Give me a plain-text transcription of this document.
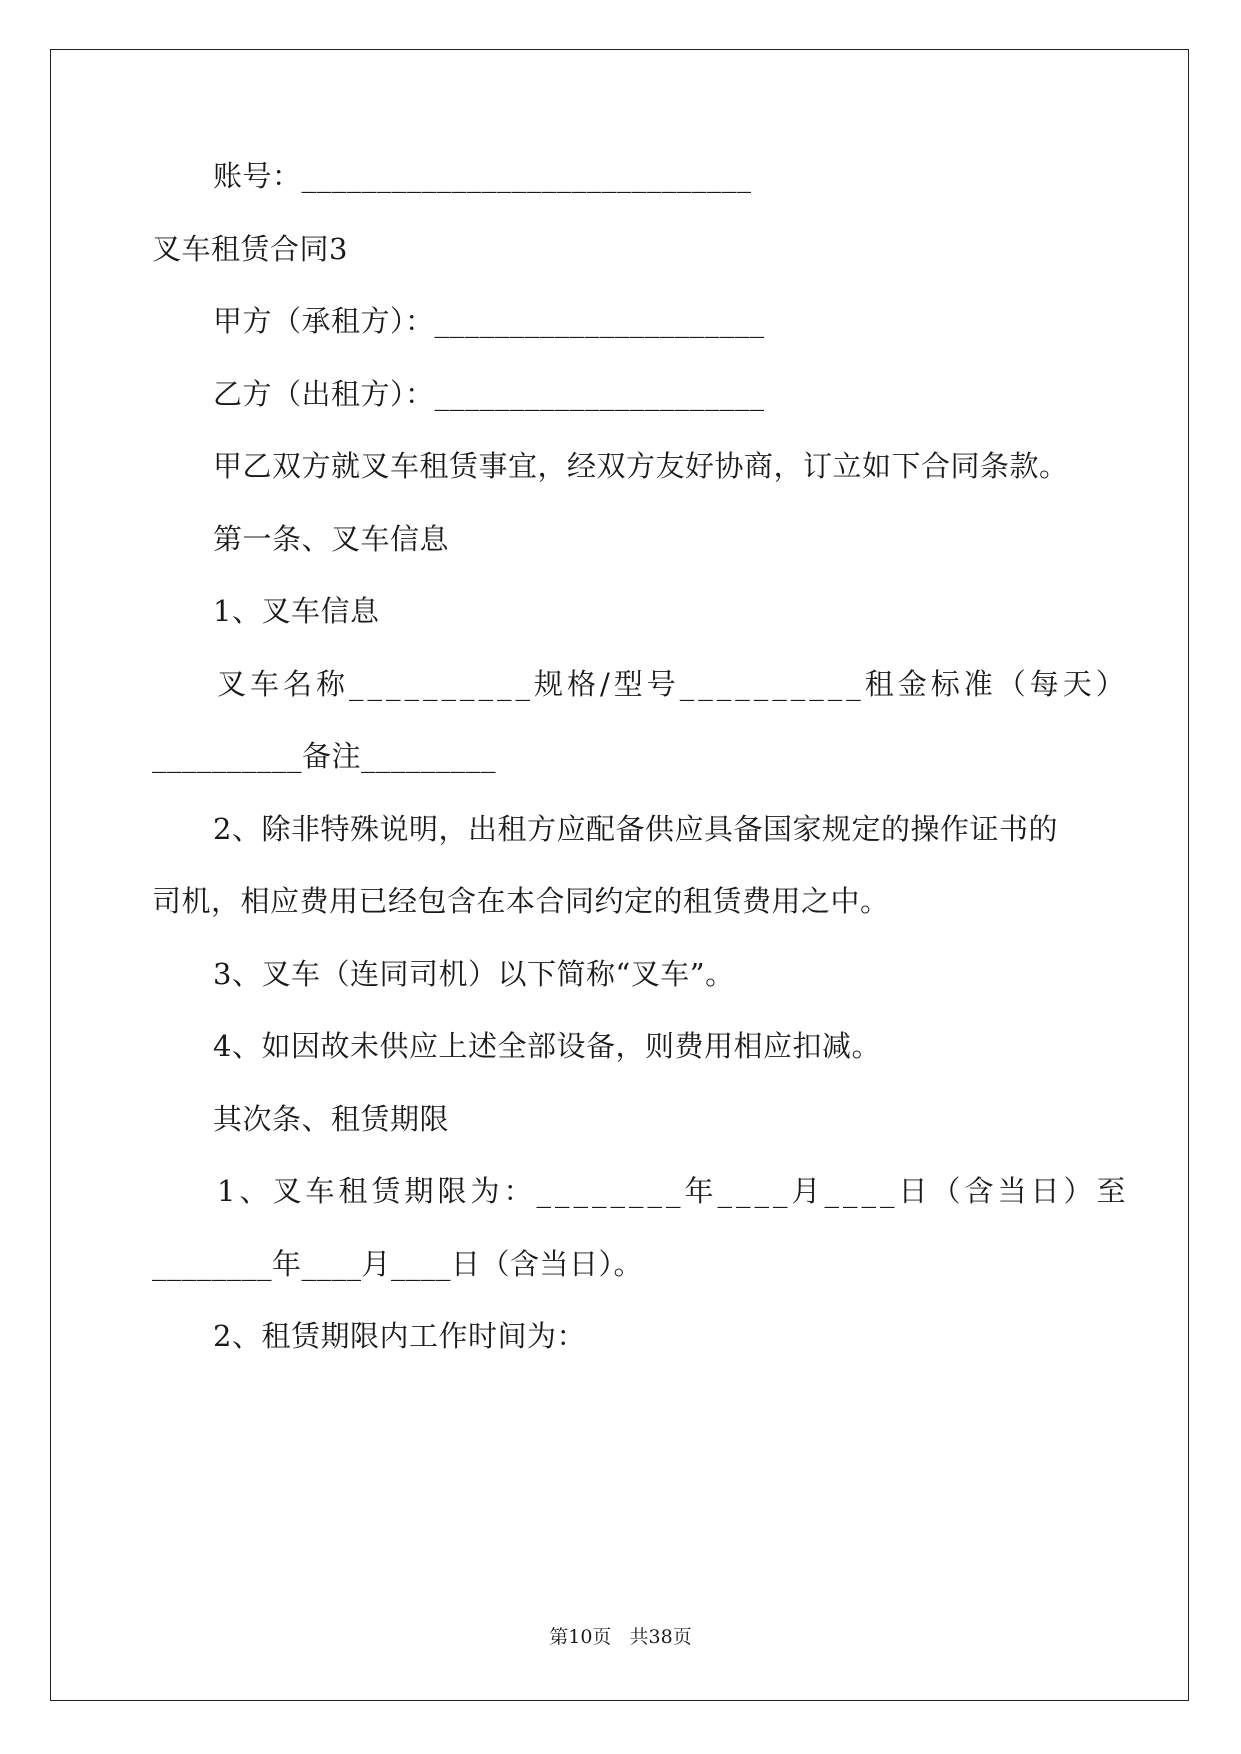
账号：______________________________
叉车租赁合同3
甲方（承租方）：______________________
乙方（出租方）：______________________
甲乙双方就叉车租赁事宜，经双方友好协商，订立如下合同条款。
第一条、叉车信息
1、叉车信息
叉车名称__________规格/型号__________租金标准（每天）
__________备注_________
2、除非特殊说明，出租方应配备供应具备国家规定的操作证书的
司机，相应费用已经包含在本合同约定的租赁费用之中。
3、叉车（连同司机）以下简称“叉车”。
4、如因故未供应上述全部设备，则费用相应扣减。
其次条、租赁期限
1、叉车租赁期限为：________年____月____日（含当日）至
________年____月____日（含当日）。
2、租赁期限内工作时间为：
第10页   共38页
